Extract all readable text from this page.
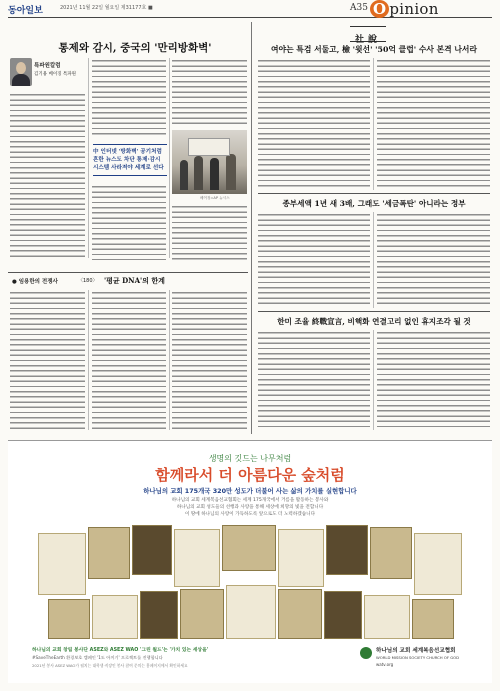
동아일보	2021년 11월 22일 월요일 제31177호 ■	A35 O pinion
통제와 감시, 중국의 '만리방화벽'
특파원칼럼
김기용 베이징 특파원
中 인터넷 '방화벽' 공기처럼 흔한 뉴스도 차단 통제·감시 시스템 사라져야 세계로 선다
베이징=AP 뉴시스
● 임용한의 전쟁사	〈180〉 '평균 DNA'의 한계
社說
여야는 특검 서둘고, 檢 '윗선' '50억 클럽' 수사 본격 나서라
종부세액 1년 새 3배, 그래도 '세금폭탄' 아니라는 정부
한미 조율 終戰宣言, 비핵화 연결고리 없인 휴지조각 될 것
생명의 깃드는 나무처럼
함께라서 더 아름다운 숲처럼
하나님의 교회 175개국 320만 성도가 더불어 사는 삶의 가치를 실현합니다
하나님의 교회 세계복음선교협회는 세계 175개국에서 거름을 활동하는 봉사와
하나님의 교회 성도들의 선행과 사랑을 통해 세상에 희망의 빛을 전합니다
이 땅에 하나님의 사랑이 가득하도록 앞으로도 더 노력하겠습니다
하나님의 교회 창립 봉사단 ASEZ와 ASEZ WAO '그린 월드'는 '가치 있는 세상을'
#SaveTheEarth 환경보호 캠페인 '1도 아끼기' 프로젝트를 진행합니다
2021년 봉사 ASEZ WAO가 펼치는 대학생·직장인 봉사 참여 문의는 홈페이지에서 확인하세요
하나님의 교회 세계복음선교협회
WORLD MISSION SOCIETY CHURCH OF GOD
watv.org
